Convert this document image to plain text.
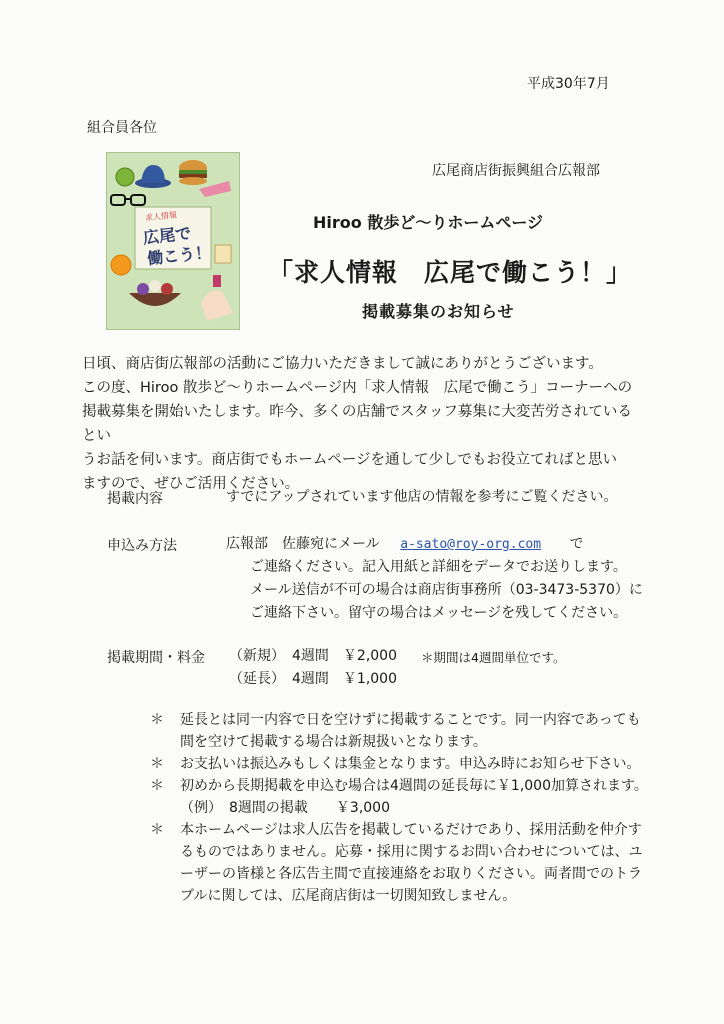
平成30年7月
組合員各位
広尾商店街振興組合広報部
求人情報
広尾で
働こう！
Hiroo 散歩ど〜りホームページ
「求人情報　広尾で働こう！」
掲載募集のお知らせ

日頃、商店街広報部の活動にご協力いただきまして誠にありがとうございます。

この度、Hiroo 散歩ど〜りホームページ内「求人情報　広尾で働こう」コーナーへの

掲載募集を開始いたします。昨今、多くの店舗でスタッフ募集に大変苦労されているとい

うお話を伺います。商店街でもホームページを通して少しでもお役立てればと思い

ますので、ぜひご活用ください。

掲載内容	すでにアップされています他店の情報を参考にご覧ください。
申込み方法	広報部　佐藤宛にメール a-sato@roy-org.com で
ご連絡ください。記入用紙と詳細をデータでお送りします。
メール送信が不可の場合は商店街事務所（03-3473-5370）に
ご連絡下さい。留守の場合はメッセージを残してください。
掲載期間・料金 （新規）　4週間　￥2,000 ＊期間は4週間単位です。
（延長）　4週間　￥1,000
＊ 延長とは同一内容で日を空けずに掲載することです。同一内容であっても間を空けて掲載する場合は新規扱いとなります。
＊ お支払いは振込みもしくは集金となります。申込み時にお知らせ下さい。
＊ 初めから長期掲載を申込む場合は4週間の延長毎に￥1,000加算されます。　　（例）　8週間の掲載　　￥3,000
＊ 本ホームページは求人広告を掲載しているだけであり、採用活動を仲介するものではありません。応募・採用に関するお問い合わせについては、ユーザーの皆様と各広告主間で直接連絡をお取りください。両者間でのトラブルに関しては、広尾商店街は一切関知致しません。
